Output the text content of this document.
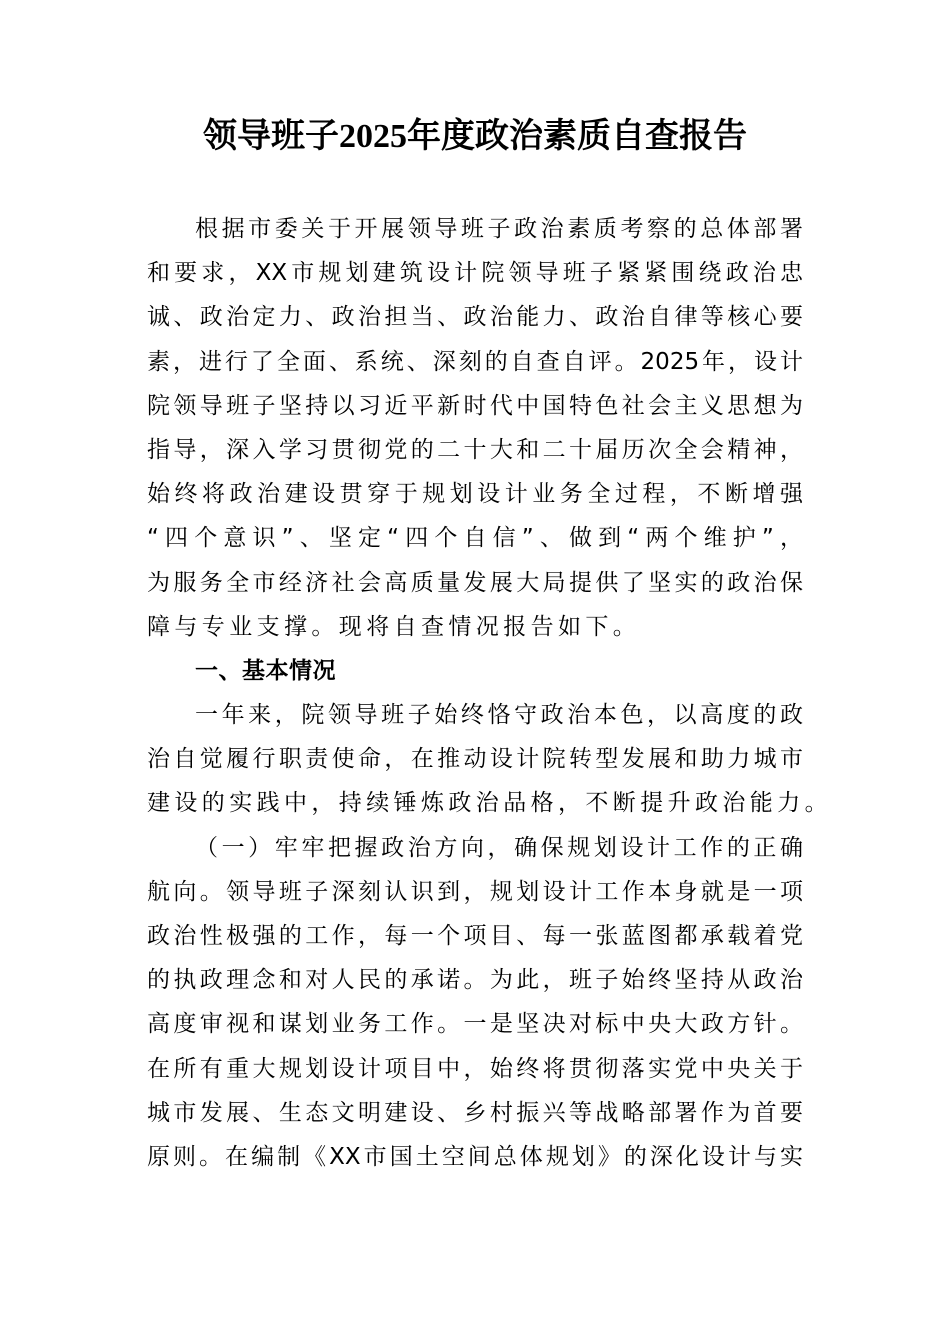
领导班子2025年度政治素质自查报告
根据市委关于开展领导班子政治素质考察的总体部署
和要求，XX市规划建筑设计院领导班子紧紧围绕政治忠
诚、政治定力、政治担当、政治能力、政治自律等核心要
素，进行了全面、系统、深刻的自查自评。2025年，设计
院领导班子坚持以习近平新时代中国特色社会主义思想为
指导，深入学习贯彻党的二十大和二十届历次全会精神，
始终将政治建设贯穿于规划设计业务全过程，不断增强
“四个意识”、坚定“四个自信”、做到“两个维护”，
为服务全市经济社会高质量发展大局提供了坚实的政治保
障与专业支撑。现将自查情况报告如下。
一、基本情况
一年来，院领导班子始终恪守政治本色，以高度的政
治自觉履行职责使命，在推动设计院转型发展和助力城市
建设的实践中，持续锤炼政治品格，不断提升政治能力。
（一）牢牢把握政治方向，确保规划设计工作的正确
航向。领导班子深刻认识到，规划设计工作本身就是一项
政治性极强的工作，每一个项目、每一张蓝图都承载着党
的执政理念和对人民的承诺。为此，班子始终坚持从政治
高度审视和谋划业务工作。一是坚决对标中央大政方针。
在所有重大规划设计项目中，始终将贯彻落实党中央关于
城市发展、生态文明建设、乡村振兴等战略部署作为首要
原则。在编制《XX市国土空间总体规划》的深化设计与实
